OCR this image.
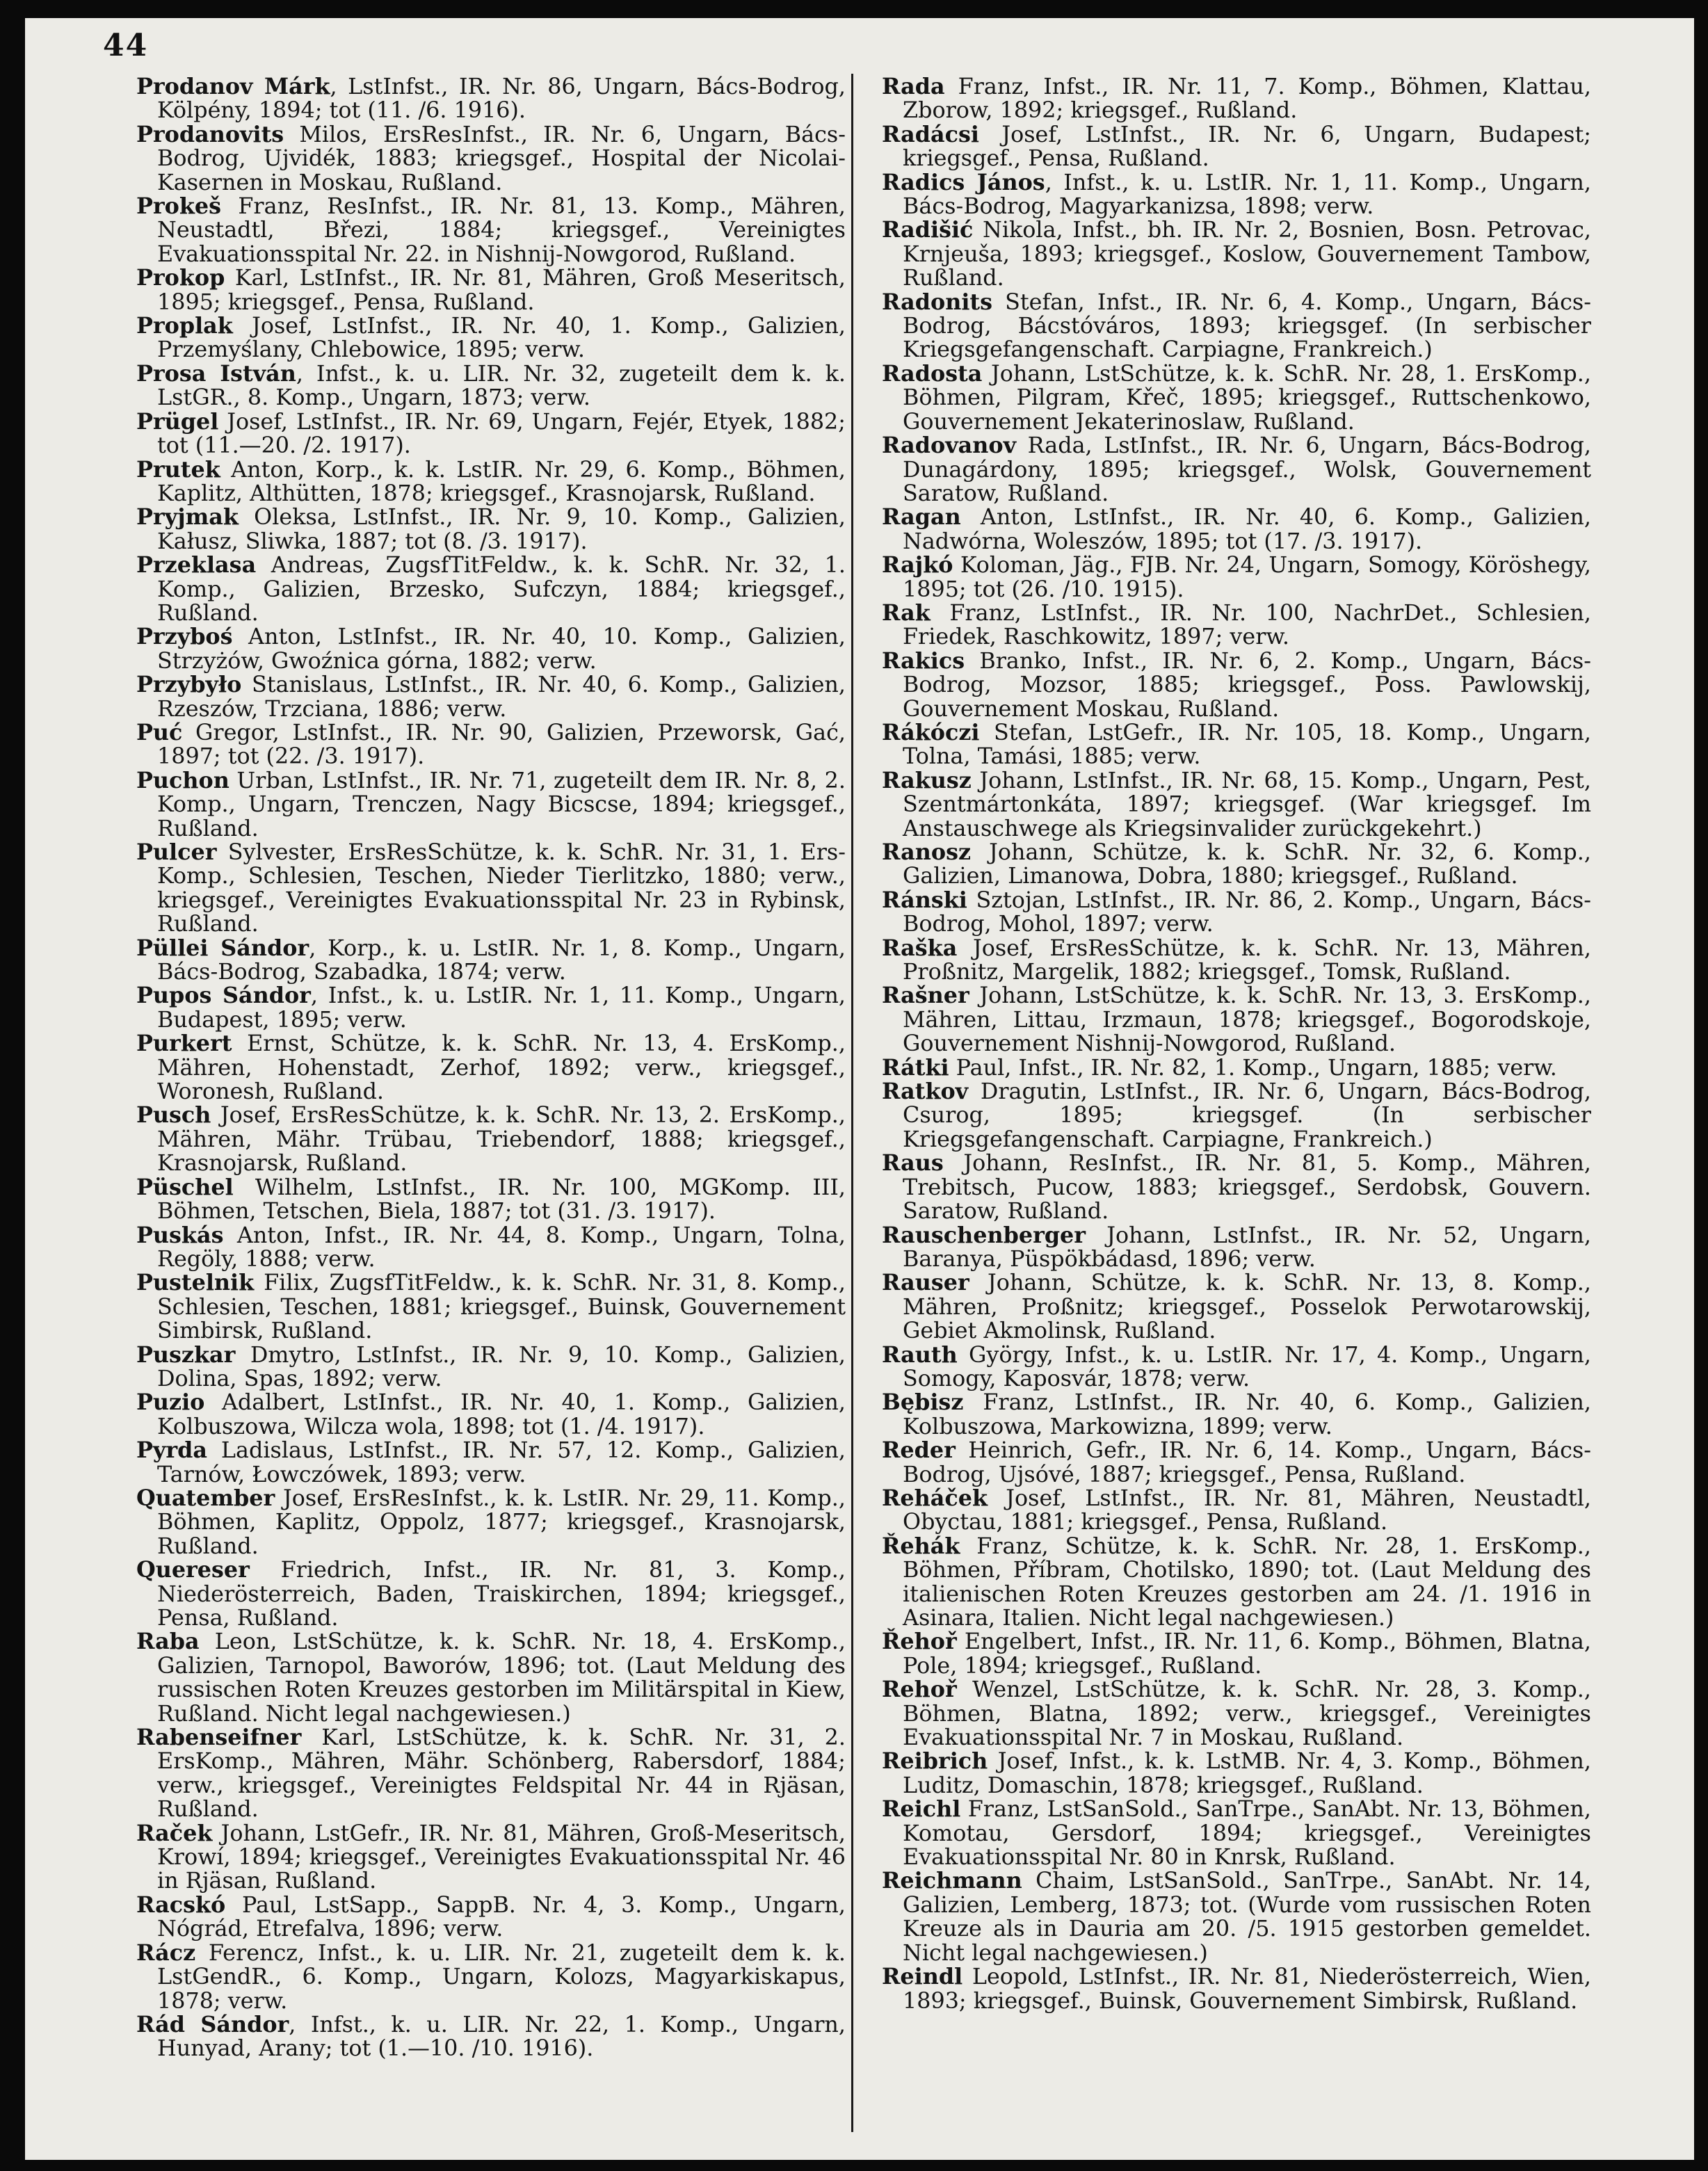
44

Prodanov Márk, LstInfst., IR. Nr. 86, Ungarn, Bács-Bodrog, Kölpény, 1894; tot (11. /6. 1916).

Prodanovits Milos, ErsResInfst., IR. Nr. 6, Ungarn, Bács-Bodrog, Ujvidék, 1883; kriegsgef., Hospital der Nicolai-Kasernen in Moskau, Rußland.

Prokeš Franz, ResInfst., IR. Nr. 81, 13. Komp., Mähren, Neustadtl, Březi, 1884; kriegsgef., Vereinigtes Evakuationsspital Nr. 22. in Nishnij-Nowgorod, Rußland.

Prokop Karl, LstInfst., IR. Nr. 81, Mähren, Groß Meseritsch, 1895; kriegsgef., Pensa, Rußland.

Proplak Josef, LstInfst., IR. Nr. 40, 1. Komp., Galizien, Przemyślany, Chlebowice, 1895; verw.

Prosa István, Infst., k. u. LIR. Nr. 32, zugeteilt dem k. k. LstGR., 8. Komp., Ungarn, 1873; verw.

Prügel Josef, LstInfst., IR. Nr. 69, Ungarn, Fejér, Etyek, 1882; tot (11.—20. /2. 1917).

Prutek Anton, Korp., k. k. LstIR. Nr. 29, 6. Komp., Böhmen, Kaplitz, Althütten, 1878; kriegsgef., Krasnojarsk, Rußland.

Pryjmak Oleksa, LstInfst., IR. Nr. 9, 10. Komp., Galizien, Kałusz, Sliwka, 1887; tot (8. /3. 1917).

Przeklasa Andreas, ZugsfTitFeldw., k. k. SchR. Nr. 32, 1. Komp., Galizien, Brzesko, Sufczyn, 1884; kriegsgef., Rußland.

Przyboś Anton, LstInfst., IR. Nr. 40, 10. Komp., Galizien, Strzyżów, Gwoźnica górna, 1882; verw.

Przybyło Stanislaus, LstInfst., IR. Nr. 40, 6. Komp., Galizien, Rzeszów, Trzciana, 1886; verw.

Puć Gregor, LstInfst., IR. Nr. 90, Galizien, Przeworsk, Gać, 1897; tot (22. /3. 1917).

Puchon Urban, LstInfst., IR. Nr. 71, zugeteilt dem IR. Nr. 8, 2. Komp., Ungarn, Trenczen, Nagy Bicscse, 1894; kriegsgef., Rußland.

Pulcer Sylvester, ErsResSchütze, k. k. SchR. Nr. 31, 1. Ers-Komp., Schlesien, Teschen, Nieder Tierlitzko, 1880; verw., kriegsgef., Vereinigtes Evakuationsspital Nr. 23 in Rybinsk, Rußland.

Püllei Sándor, Korp., k. u. LstIR. Nr. 1, 8. Komp., Ungarn, Bács-Bodrog, Szabadka, 1874; verw.

Pupos Sándor, Infst., k. u. LstIR. Nr. 1, 11. Komp., Ungarn, Budapest, 1895; verw.

Purkert Ernst, Schütze, k. k. SchR. Nr. 13, 4. ErsKomp., Mähren, Hohenstadt, Zerhof, 1892; verw., kriegsgef., Woronesh, Rußland.

Pusch Josef, ErsResSchütze, k. k. SchR. Nr. 13, 2. ErsKomp., Mähren, Mähr. Trübau, Triebendorf, 1888; kriegsgef., Krasnojarsk, Rußland.

Püschel Wilhelm, LstInfst., IR. Nr. 100, MGKomp. III, Böhmen, Tetschen, Biela, 1887; tot (31. /3. 1917).

Puskás Anton, Infst., IR. Nr. 44, 8. Komp., Ungarn, Tolna, Regöly, 1888; verw.

Pustelnik Filix, ZugsfTitFeldw., k. k. SchR. Nr. 31, 8. Komp., Schlesien, Teschen, 1881; kriegsgef., Buinsk, Gouvernement Simbirsk, Rußland.

Puszkar Dmytro, LstInfst., IR. Nr. 9, 10. Komp., Galizien, Dolina, Spas, 1892; verw.

Puzio Adalbert, LstInfst., IR. Nr. 40, 1. Komp., Galizien, Kolbuszowa, Wilcza wola, 1898; tot (1. /4. 1917).

Pyrda Ladislaus, LstInfst., IR. Nr. 57, 12. Komp., Galizien, Tarnów, Łowczówek, 1893; verw.

Quatember Josef, ErsResInfst., k. k. LstIR. Nr. 29, 11. Komp., Böhmen, Kaplitz, Oppolz, 1877; kriegsgef., Krasnojarsk, Rußland.

Quereser Friedrich, Infst., IR. Nr. 81, 3. Komp., Niederösterreich, Baden, Traiskirchen, 1894; kriegsgef., Pensa, Rußland.

Raba Leon, LstSchütze, k. k. SchR. Nr. 18, 4. ErsKomp., Galizien, Tarnopol, Baworów, 1896; tot. (Laut Meldung des russischen Roten Kreuzes gestorben im Militärspital in Kiew, Rußland. Nicht legal nachgewiesen.)

Rabenseifner Karl, LstSchütze, k. k. SchR. Nr. 31, 2. ErsKomp., Mähren, Mähr. Schönberg, Rabersdorf, 1884; verw., kriegsgef., Vereinigtes Feldspital Nr. 44 in Rjäsan, Rußland.

Raček Johann, LstGefr., IR. Nr. 81, Mähren, Groß-Meseritsch, Krowí, 1894; kriegsgef., Vereinigtes Evakuationsspital Nr. 46 in Rjäsan, Rußland.

Racskó Paul, LstSapp., SappB. Nr. 4, 3. Komp., Ungarn, Nógrád, Etrefalva, 1896; verw.

Rácz Ferencz, Infst., k. u. LIR. Nr. 21, zugeteilt dem k. k. LstGendR., 6. Komp., Ungarn, Kolozs, Magyarkiskapus, 1878; verw.

Rád Sándor, Infst., k. u. LIR. Nr. 22, 1. Komp., Ungarn, Hunyad, Arany; tot (1.—10. /10. 1916).

Rada Franz, Infst., IR. Nr. 11, 7. Komp., Böhmen, Klattau, Zborow, 1892; kriegsgef., Rußland.

Radácsi Josef, LstInfst., IR. Nr. 6, Ungarn, Budapest; kriegsgef., Pensa, Rußland.

Radics János, Infst., k. u. LstIR. Nr. 1, 11. Komp., Ungarn, Bács-Bodrog, Magyarkanizsa, 1898; verw.

Radišić Nikola, Infst., bh. IR. Nr. 2, Bosnien, Bosn. Petrovac, Krnjeuša, 1893; kriegsgef., Koslow, Gouvernement Tambow, Rußland.

Radonits Stefan, Infst., IR. Nr. 6, 4. Komp., Ungarn, Bács-Bodrog, Bácstóváros, 1893; kriegsgef. (In serbischer Kriegsgefangenschaft. Carpiagne, Frankreich.)

Radosta Johann, LstSchütze, k. k. SchR. Nr. 28, 1. ErsKomp., Böhmen, Pilgram, Křeč, 1895; kriegsgef., Ruttschenkowo, Gouvernement Jekaterinoslaw, Rußland.

Radovanov Rada, LstInfst., IR. Nr. 6, Ungarn, Bács-Bodrog, Dunagárdony, 1895; kriegsgef., Wolsk, Gouvernement Saratow, Rußland.

Ragan Anton, LstInfst., IR. Nr. 40, 6. Komp., Galizien, Nadwórna, Woleszów, 1895; tot (17. /3. 1917).

Rajkó Koloman, Jäg., FJB. Nr. 24, Ungarn, Somogy, Köröshegy, 1895; tot (26. /10. 1915).

Rak Franz, LstInfst., IR. Nr. 100, NachrDet., Schlesien, Friedek, Raschkowitz, 1897; verw.

Rakics Branko, Infst., IR. Nr. 6, 2. Komp., Ungarn, Bács-Bodrog, Mozsor, 1885; kriegsgef., Poss. Pawlowskij, Gouvernement Moskau, Rußland.

Rákóczi Stefan, LstGefr., IR. Nr. 105, 18. Komp., Ungarn, Tolna, Tamási, 1885; verw.

Rakusz Johann, LstInfst., IR. Nr. 68, 15. Komp., Ungarn, Pest, Szentmártonkáta, 1897; kriegsgef. (War kriegsgef. Im Anstauschwege als Kriegsinvalider zurückgekehrt.)

Ranosz Johann, Schütze, k. k. SchR. Nr. 32, 6. Komp., Galizien, Limanowa, Dobra, 1880; kriegsgef., Rußland.

Ránski Sztojan, LstInfst., IR. Nr. 86, 2. Komp., Ungarn, Bács-Bodrog, Mohol, 1897; verw.

Raška Josef, ErsResSchütze, k. k. SchR. Nr. 13, Mähren, Proßnitz, Margelik, 1882; kriegsgef., Tomsk, Rußland.

Rašner Johann, LstSchütze, k. k. SchR. Nr. 13, 3. ErsKomp., Mähren, Littau, Irzmaun, 1878; kriegsgef., Bogorodskoje, Gouvernement Nishnij-Nowgorod, Rußland.

Rátki Paul, Infst., IR. Nr. 82, 1. Komp., Ungarn, 1885; verw.

Ratkov Dragutin, LstInfst., IR. Nr. 6, Ungarn, Bács-Bodrog, Csurog, 1895; kriegsgef. (In serbischer Kriegsgefangenschaft. Carpiagne, Frankreich.)

Raus Johann, ResInfst., IR. Nr. 81, 5. Komp., Mähren, Trebitsch, Pucow, 1883; kriegsgef., Serdobsk, Gouvern. Saratow, Rußland.

Rauschenberger Johann, LstInfst., IR. Nr. 52, Ungarn, Baranya, Püspökbádasd, 1896; verw.

Rauser Johann, Schütze, k. k. SchR. Nr. 13, 8. Komp., Mähren, Proßnitz; kriegsgef., Posselok Perwotarowskij, Gebiet Akmolinsk, Rußland.

Rauth György, Infst., k. u. LstIR. Nr. 17, 4. Komp., Ungarn, Somogy, Kaposvár, 1878; verw.

Bębisz Franz, LstInfst., IR. Nr. 40, 6. Komp., Galizien, Kolbuszowa, Markowizna, 1899; verw.

Reder Heinrich, Gefr., IR. Nr. 6, 14. Komp., Ungarn, Bács-Bodrog, Ujsóvé, 1887; kriegsgef., Pensa, Rußland.

Reháček Josef, LstInfst., IR. Nr. 81, Mähren, Neustadtl, Obyctau, 1881; kriegsgef., Pensa, Rußland.

Řehák Franz, Schütze, k. k. SchR. Nr. 28, 1. ErsKomp., Böhmen, Příbram, Chotilsko, 1890; tot. (Laut Meldung des italienischen Roten Kreuzes gestorben am 24. /1. 1916 in Asinara, Italien. Nicht legal nachgewiesen.)

Řehoř Engelbert, Infst., IR. Nr. 11, 6. Komp., Böhmen, Blatna, Pole, 1894; kriegsgef., Rußland.

Rehoř Wenzel, LstSchütze, k. k. SchR. Nr. 28, 3. Komp., Böhmen, Blatna, 1892; verw., kriegsgef., Vereinigtes Evakuationsspital Nr. 7 in Moskau, Rußland.

Reibrich Josef, Infst., k. k. LstMB. Nr. 4, 3. Komp., Böhmen, Luditz, Domaschin, 1878; kriegsgef., Rußland.

Reichl Franz, LstSanSold., SanTrpe., SanAbt. Nr. 13, Böhmen, Komotau, Gersdorf, 1894; kriegsgef., Vereinigtes Evakuationsspital Nr. 80 in Knrsk, Rußland.

Reichmann Chaim, LstSanSold., SanTrpe., SanAbt. Nr. 14, Galizien, Lemberg, 1873; tot. (Wurde vom russischen Roten Kreuze als in Dauria am 20. /5. 1915 gestorben gemeldet. Nicht legal nachgewiesen.)

Reindl Leopold, LstInfst., IR. Nr. 81, Niederösterreich, Wien, 1893; kriegsgef., Buinsk, Gouvernement Simbirsk, Rußland.
